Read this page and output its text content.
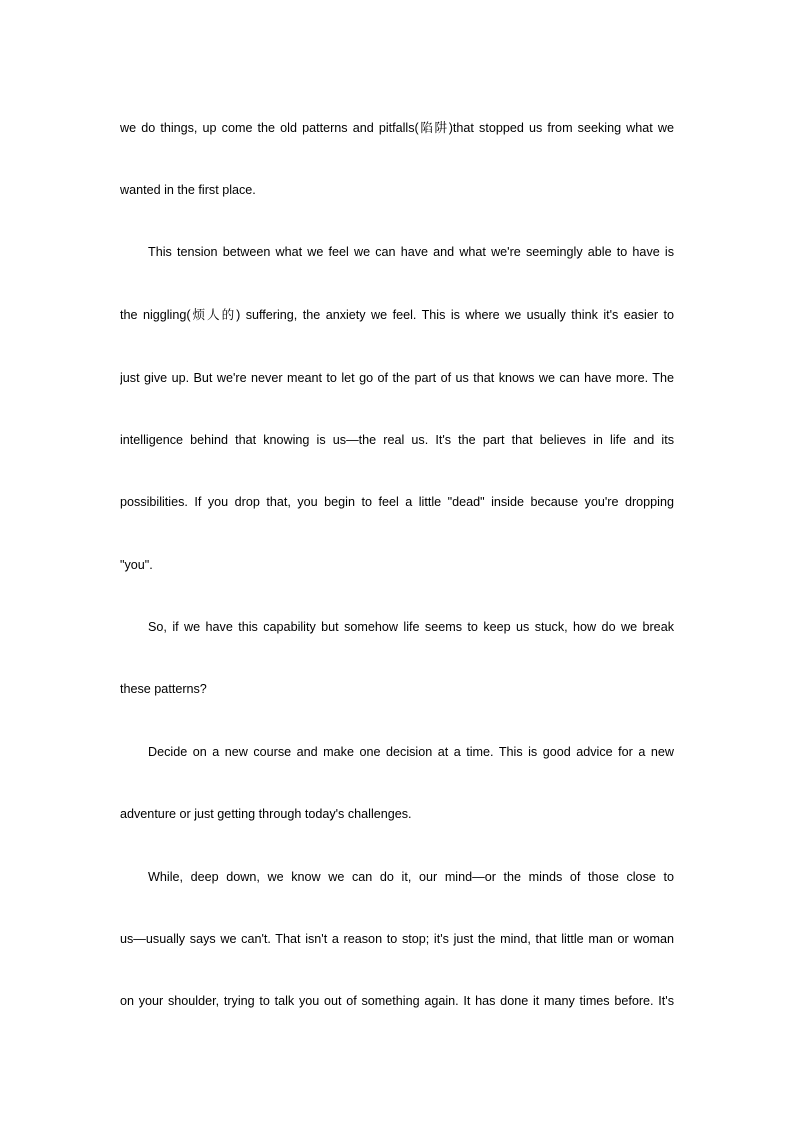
we do things, up come the old patterns and pitfalls(陷阱)that stopped us from seeking what we
wanted in the first place.
This tension between what we feel we can have and what we're seemingly able to have is
the niggling(烦人的) suffering, the anxiety we feel. This is where we usually think it's easier to
just give up. But we're never meant to let go of the part of us that knows we can have more. The
intelligence behind that knowing is us—the real us. It's the part that believes in life and its
possibilities. If you drop that, you begin to feel a little "dead" inside because you're dropping
"you".
So, if we have this capability but somehow life seems to keep us stuck, how do we break
these patterns?
Decide on a new course and make one decision at a time. This is good advice for a new
adventure or just getting through today's challenges.
While, deep down, we know we can do it, our mind—or the minds of those close to
us—usually says we can't. That isn't a reason to stop; it's just the mind, that little man or woman
on your shoulder, trying to talk you out of something again. It has done it many times before. It's
